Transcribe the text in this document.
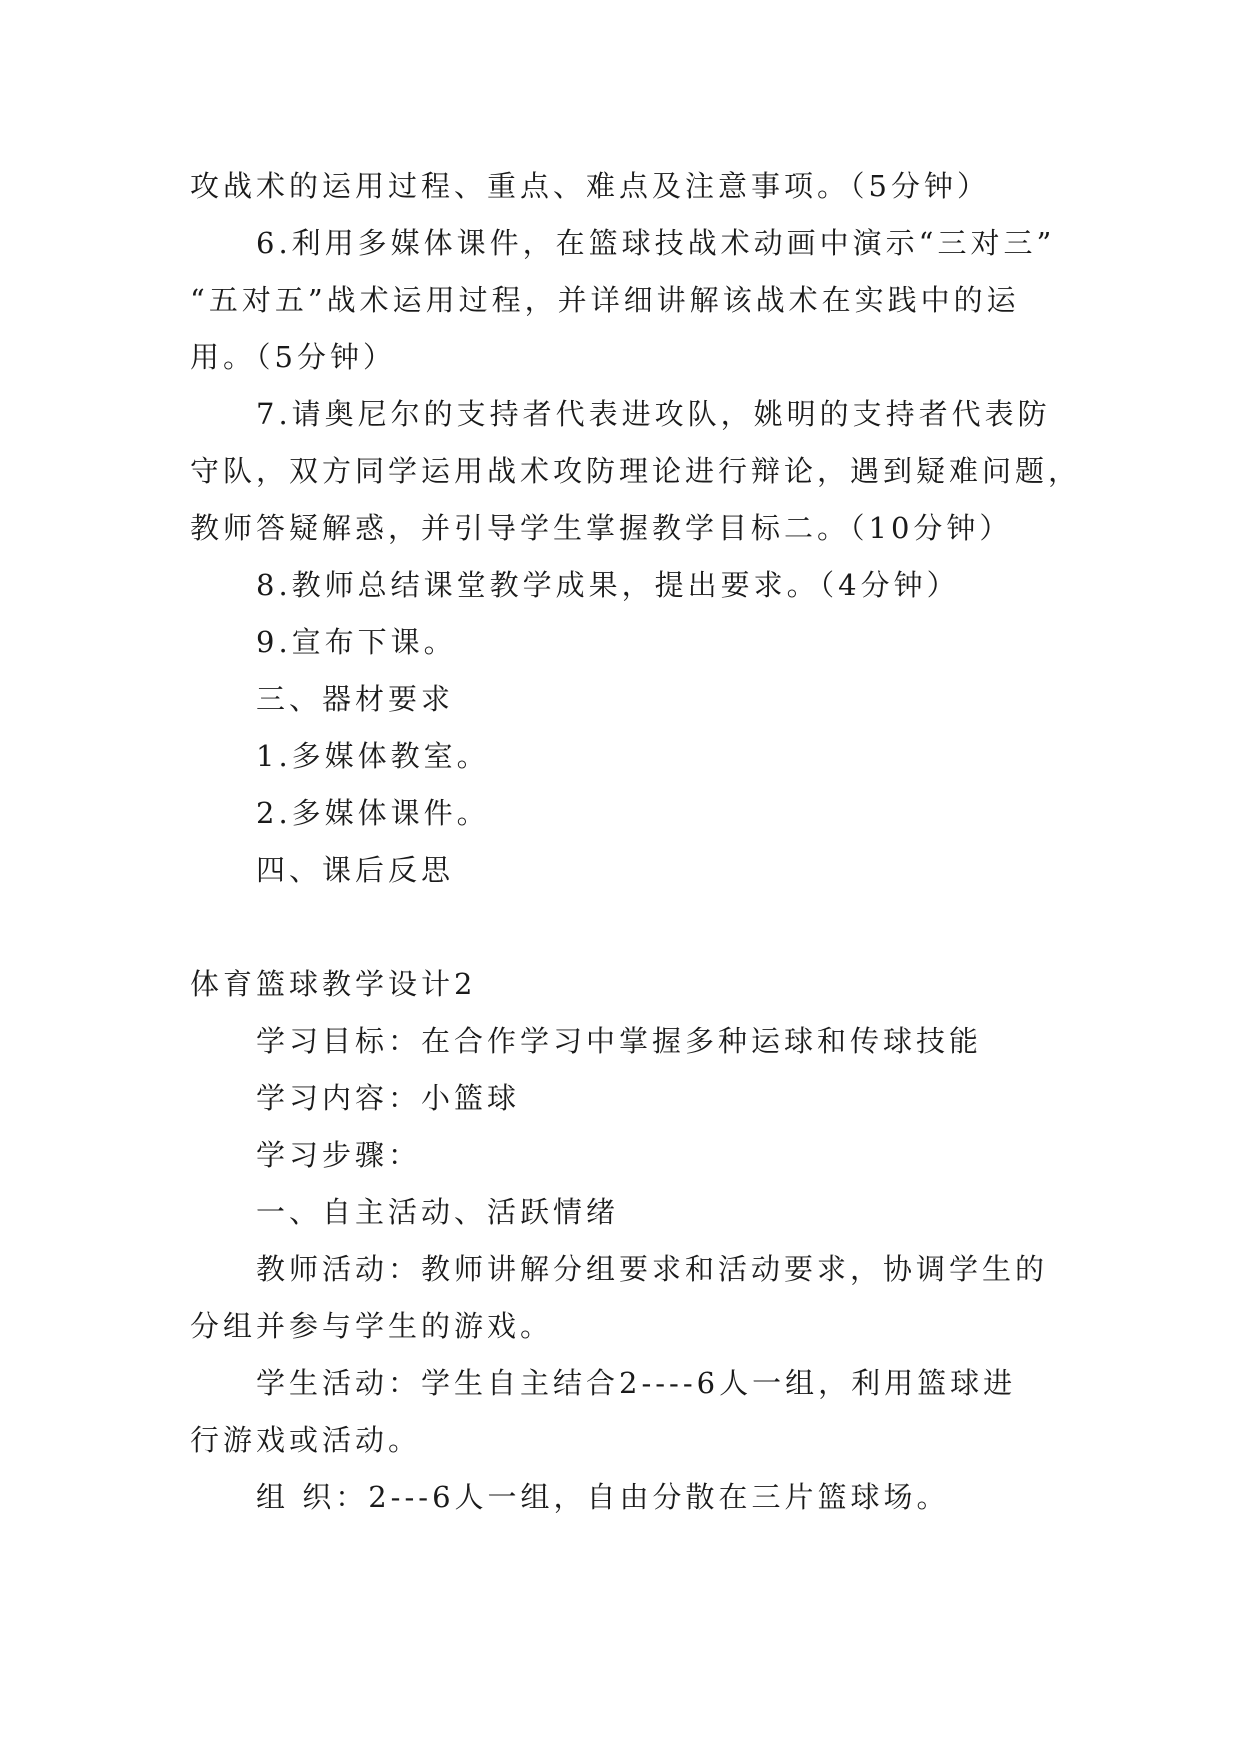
攻战术的运用过程、重点、难点及注意事项。（5分钟）
6.利用多媒体课件，在篮球技战术动画中演示“三对三”
“五对五”战术运用过程，并详细讲解该战术在实践中的运
用。（5分钟）
7.请奥尼尔的支持者代表进攻队，姚明的支持者代表防
守队，双方同学运用战术攻防理论进行辩论，遇到疑难问题，
教师答疑解惑，并引导学生掌握教学目标二。（10分钟）
8.教师总结课堂教学成果，提出要求。（4分钟）
9.宣布下课。
三、器材要求
1.多媒体教室。
2.多媒体课件。
四、课后反思
体育篮球教学设计2
学习目标：在合作学习中掌握多种运球和传球技能
学习内容：小篮球
学习步骤：
一、自主活动、活跃情绪
教师活动：教师讲解分组要求和活动要求，协调学生的
分组并参与学生的游戏。
学生活动：学生自主结合2----6人一组，利用篮球进
行游戏或活动。
组 织：2---6人一组，自由分散在三片篮球场。
